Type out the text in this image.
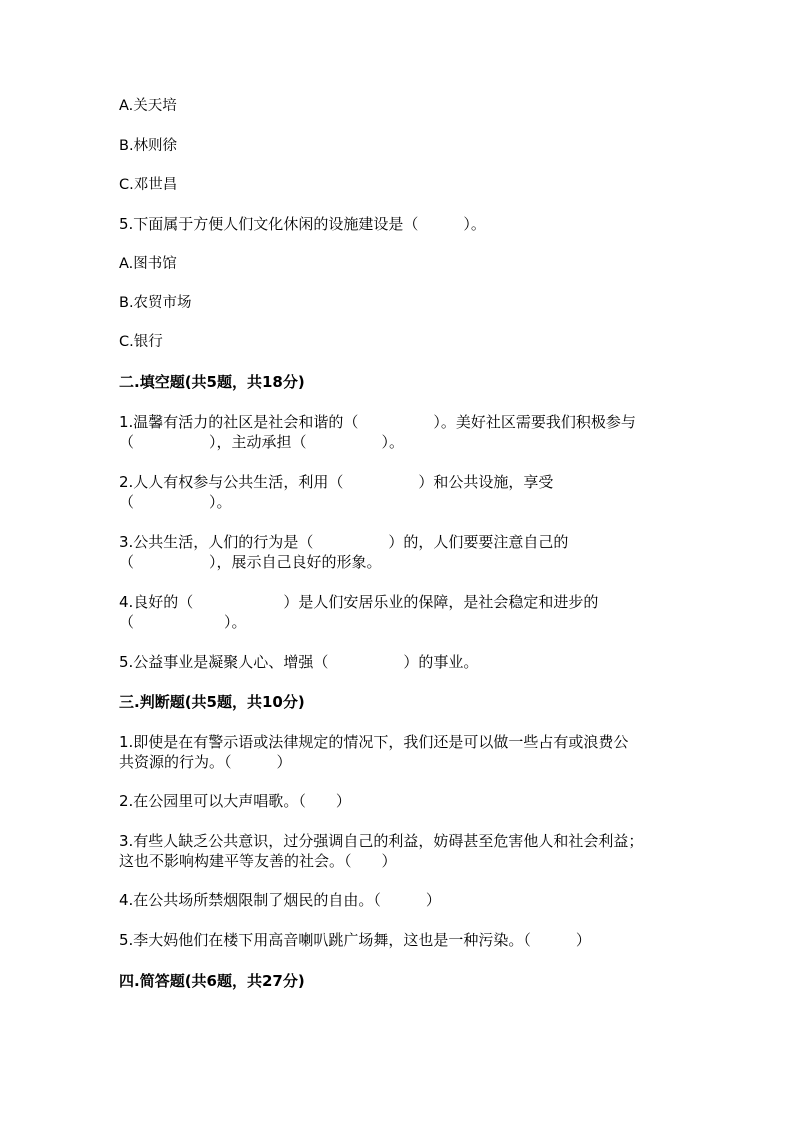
A.关天培
B.林则徐
C.邓世昌
5.下面属于方便人们文化休闲的设施建设是（　　　）。
A.图书馆
B.农贸市场
C.银行
二.填空题(共5题，共18分)
1.温馨有活力的社区是社会和谐的（　　　　　）。美好社区需要我们积极参与
（　　　　　），主动承担（　　　　　）。
2.人人有权参与公共生活，利用（　　　　　）和公共设施，享受
（　　　　　）。
3.公共生活，人们的行为是（　　　　　）的，人们要要注意自己的
（　　　　　），展示自己良好的形象。
4.良好的（　　　　　　）是人们安居乐业的保障，是社会稳定和进步的
（　　　　　　）。
5.公益事业是凝聚人心、增强（　　　　　）的事业。
三.判断题(共5题，共10分)
1.即使是在有警示语或法律规定的情况下，我们还是可以做一些占有或浪费公
共资源的行为。（　　　）
2.在公园里可以大声唱歌。（　　）
3.有些人缺乏公共意识，过分强调自己的利益，妨碍甚至危害他人和社会利益；
这也不影响构建平等友善的社会。（　　）
4.在公共场所禁烟限制了烟民的自由。（　　　）
5.李大妈他们在楼下用高音喇叭跳广场舞，这也是一种污染。（　　　）
四.简答题(共6题，共27分)
